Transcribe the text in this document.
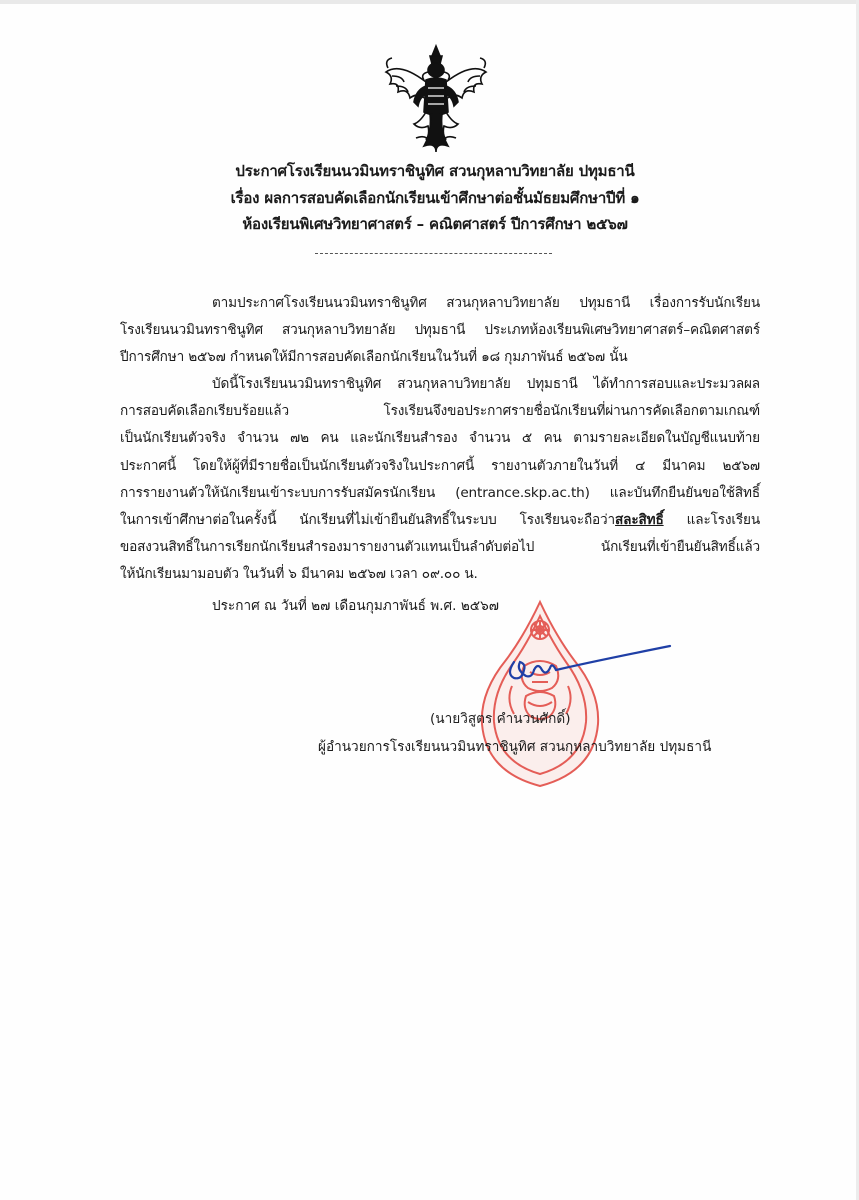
ประกาศโรงเรียนนวมินทราชินูทิศ สวนกุหลาบวิทยาลัย ปทุมธานี
เรื่อง ผลการสอบคัดเลือกนักเรียนเข้าศึกษาต่อชั้นมัธยมศึกษาปีที่ ๑
ห้องเรียนพิเศษวิทยาศาสตร์ – คณิตศาสตร์ ปีการศึกษา ๒๕๖๗
ตามประกาศโรงเรียนนวมินทราชินูทิศ สวนกุหลาบวิทยาลัย ปทุมธานี เรื่องการรับนักเรียน
โรงเรียนนวมินทราชินูทิศ สวนกุหลาบวิทยาลัย ปทุมธานี ประเภทห้องเรียนพิเศษวิทยาศาสตร์–คณิตศาสตร์
ปีการศึกษา ๒๕๖๗ กำหนดให้มีการสอบคัดเลือกนักเรียนในวันที่ ๑๘ กุมภาพันธ์ ๒๕๖๗ นั้น
บัดนี้โรงเรียนนวมินทราชินูทิศ สวนกุหลาบวิทยาลัย ปทุมธานี ได้ทำการสอบและประมวลผล
การสอบคัดเลือกเรียบร้อยแล้ว โรงเรียนจึงขอประกาศรายชื่อนักเรียนที่ผ่านการคัดเลือกตามเกณฑ์
เป็นนักเรียนตัวจริง จำนวน ๗๒ คน และนักเรียนสำรอง จำนวน ๕ คน ตามรายละเอียดในบัญชีแนบท้าย
ประกาศนี้ โดยให้ผู้ที่มีรายชื่อเป็นนักเรียนตัวจริงในประกาศนี้ รายงานตัวภายในวันที่ ๔ มีนาคม ๒๕๖๗
การรายงานตัวให้นักเรียนเข้าระบบการรับสมัครนักเรียน (entrance.skp.ac.th) และบันทึกยืนยันขอใช้สิทธิ์
ในการเข้าศึกษาต่อในครั้งนี้ นักเรียนที่ไม่เข้ายืนยันสิทธิ์ในระบบ โรงเรียนจะถือว่าสละสิทธิ์ และโรงเรียน
ขอสงวนสิทธิ์ในการเรียกนักเรียนสำรองมารายงานตัวแทนเป็นลำดับต่อไป นักเรียนที่เข้ายืนยันสิทธิ์แล้ว
ให้นักเรียนมามอบตัว ในวันที่ ๖ มีนาคม ๒๕๖๗ เวลา ๐๙.๐๐ น.
ประกาศ ณ วันที่ ๒๗ เดือนกุมภาพันธ์ พ.ศ. ๒๕๖๗
(นายวิสูตร คำนวนศักดิ์)
ผู้อำนวยการโรงเรียนนวมินทราชินูทิศ สวนกุหลาบวิทยาลัย ปทุมธานี
